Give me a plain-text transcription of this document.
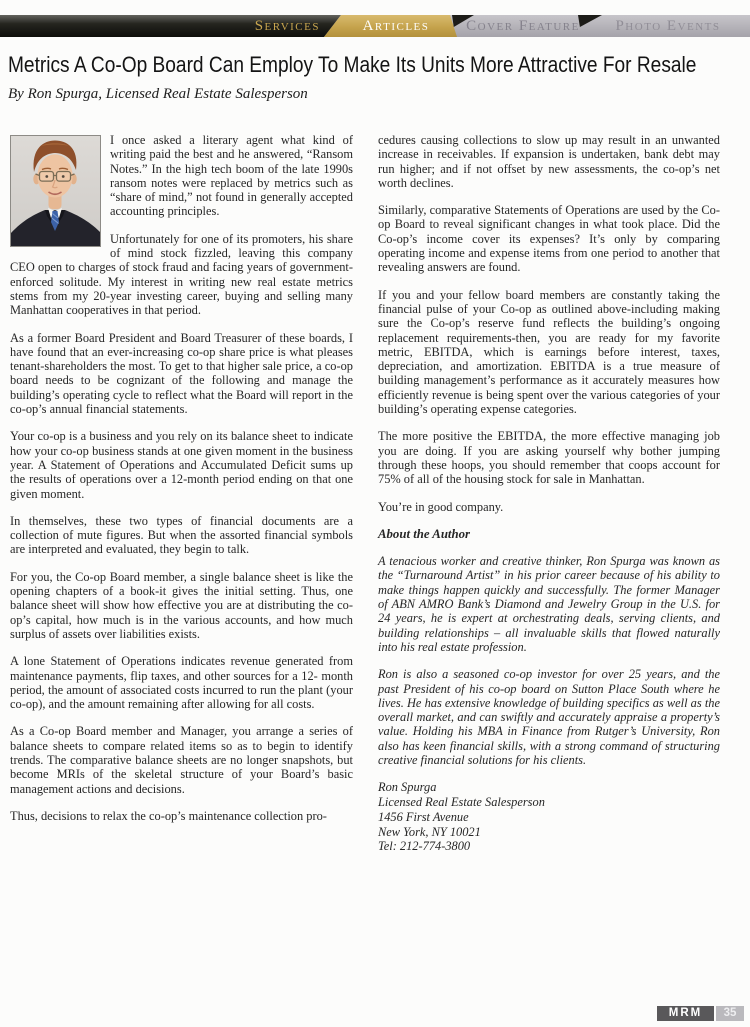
Services	Articles	Cover Feature	Photo Events
Metrics A Co-Op Board Can Employ To Make Its Units More Attractive For Resale
By Ron Spurga, Licensed Real Estate Salesperson

I once asked a literary agent what kind of writing paid the best and he answered, “Ransom Notes.” In the high tech boom of the late 1990s ransom notes were replaced by metrics such as “share of mind,” not found in generally accepted accounting principles.

Unfortunately for one of its promoters, his share of mind stock fizzled, leaving this company CEO open to charges of stock fraud and facing years of government-enforced solitude. My interest in writing new real estate metrics stems from my 20-year investing career, buying and selling many Manhattan cooperatives in that period.

As a former Board President and Board Treasurer of these boards, I have found that an ever-increasing co-op share price is what pleases tenant-shareholders the most. To get to that higher sale price, a co-op board needs to be cognizant of the following and manage the building’s operating cycle to reflect what the Board will report in the co-op’s annual financial statements.

Your co-op is a business and you rely on its balance sheet to indicate how your co-op business stands at one given moment in the business year. A Statement of Operations and Accumulated Deficit sums up the results of operations over a 12-month period ending on that one given moment.

In themselves, these two types of financial documents are a collection of mute figures. But when the assorted financial symbols are interpreted and evaluated, they begin to talk.

For you, the Co-op Board member, a single balance sheet is like the opening chapters of a book-it gives the initial setting. Thus, one balance sheet will show how effective you are at distributing the co-op’s capital, how much is in the various accounts, and how much surplus of assets over liabilities exists.

A lone Statement of Operations indicates revenue generated from maintenance payments, flip taxes, and other sources for a 12- month period, the amount of associated costs incurred to run the plant (your co-op), and the amount remaining after allowing for all costs.

As a Co-op Board member and Manager, you arrange a series of balance sheets to compare related items so as to begin to identify trends. The comparative balance sheets are no longer snapshots, but become MRIs of the skeletal structure of your Board’s basic management actions and decisions.

Thus, decisions to relax the co-op’s maintenance collection pro-

cedures causing collections to slow up may result in an unwanted increase in receivables. If expansion is undertaken, bank debt may run higher; and if not offset by new assessments, the co-op’s net worth declines.

Similarly, comparative Statements of Operations are used by the Co-op Board to reveal significant changes in what took place. Did the Co-op’s income cover its expenses? It’s only by comparing operating income and expense items from one period to another that revealing answers are found.

If you and your fellow board members are constantly taking the financial pulse of your Co-op as outlined above-including making sure the Co-op’s reserve fund reflects the building’s ongoing replacement requirements-then, you are ready for my favorite metric, EBITDA, which is earnings before interest, taxes, depreciation, and amortization. EBITDA is a true measure of building management’s performance as it accurately measures how efficiently revenue is being spent over the various categories of your building’s operating expense categories.

The more positive the EBITDA, the more effective managing job you are doing. If you are asking yourself why bother jumping through these hoops, you should remember that coops account for 75% of all of the housing stock for sale in Manhattan.

You’re in good company.

About the Author

A tenacious worker and creative thinker, Ron Spurga was known as the “Turnaround Artist” in his prior career because of his ability to make things happen quickly and successfully. The former Manager of ABN AMRO Bank’s Diamond and Jewelry Group in the U.S. for 24 years, he is expert at orchestrating deals, serving clients, and building relationships – all invaluable skills that flowed naturally into his real estate profession.

Ron is also a seasoned co-op investor for over 25 years, and the past President of his co-op board on Sutton Place South where he lives. He has extensive knowledge of building specifics as well as the overall market, and can swiftly and accurately appraise a property’s value. Holding his MBA in Finance from Rutger’s University, Ron also has keen financial skills, with a strong command of structuring creative financial solutions for his clients.

Ron Spurga
Licensed Real Estate Salesperson
1456 First Avenue
New York, NY 10021
Tel: 212-774-3800
MRM	35
